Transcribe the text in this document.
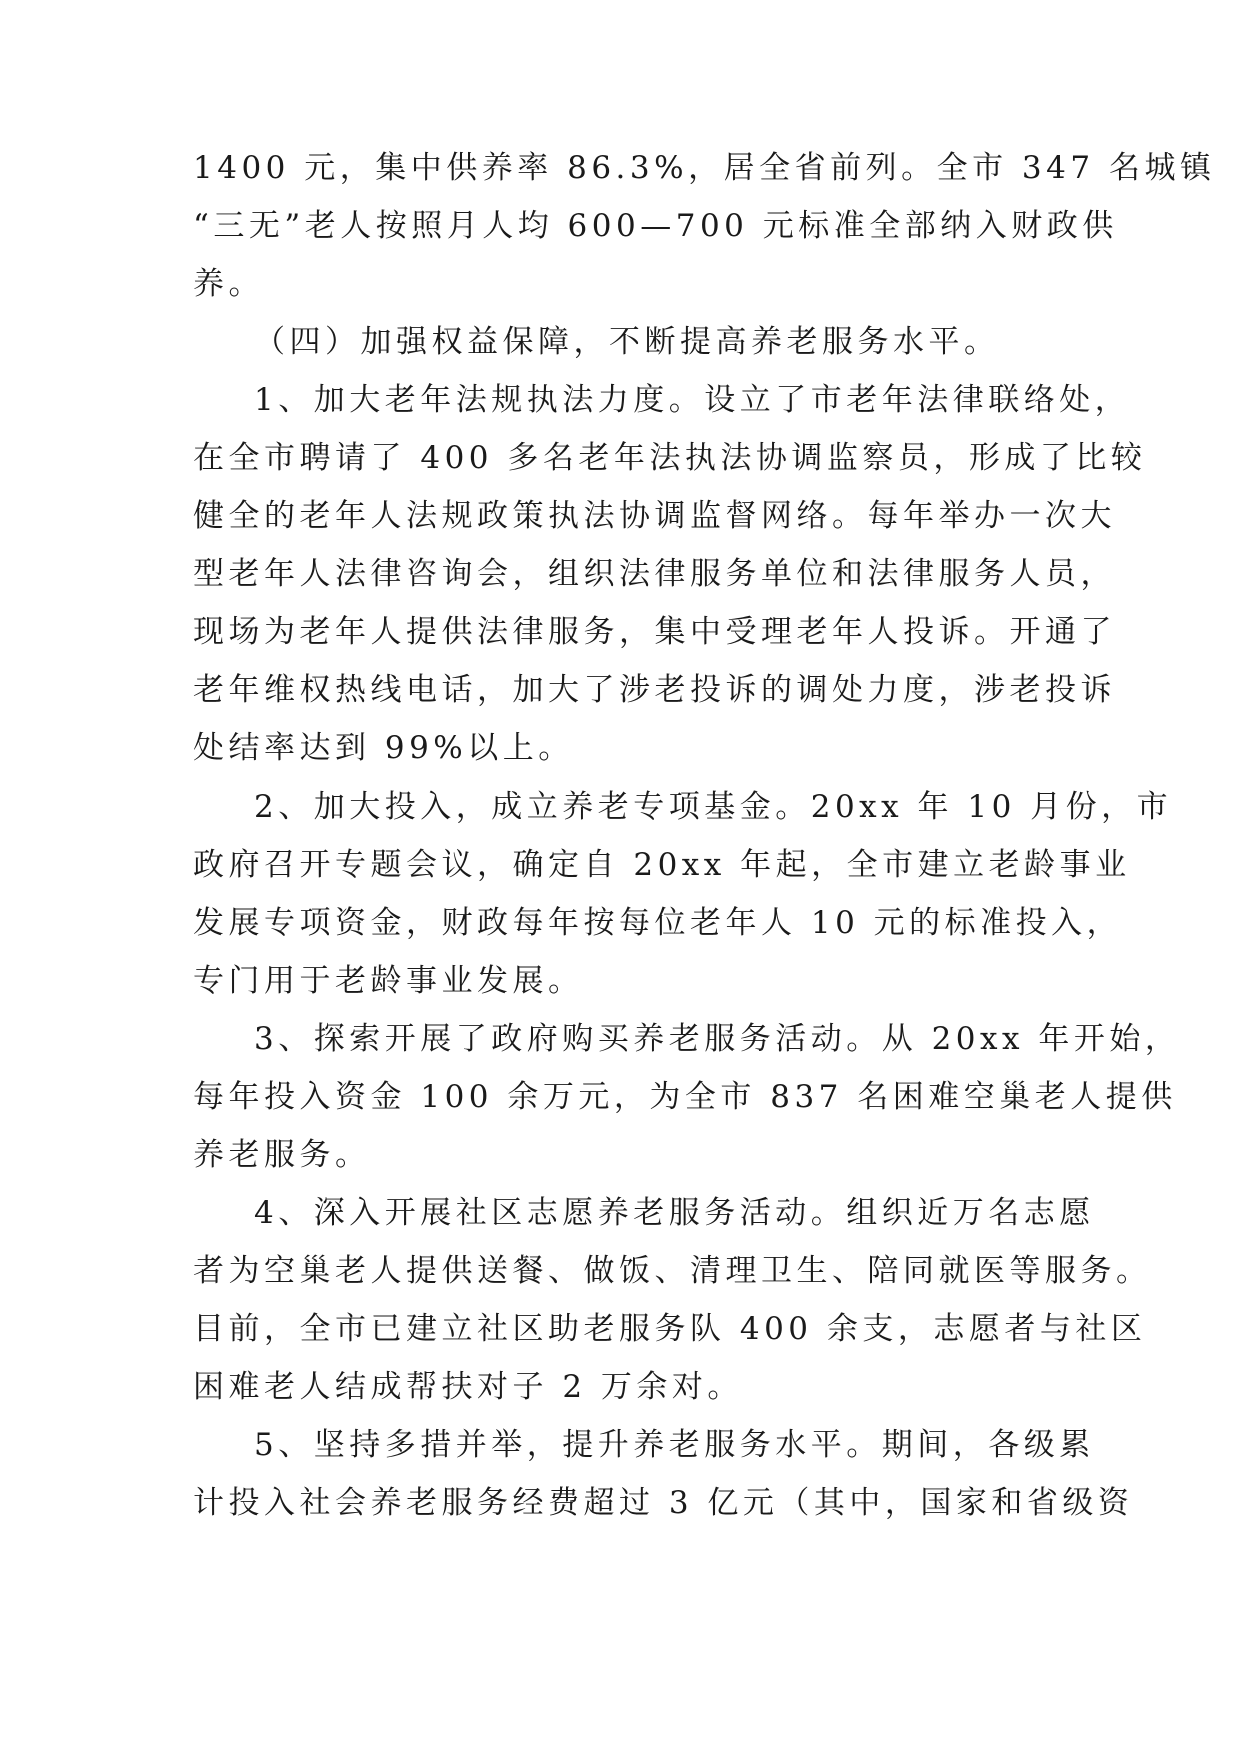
1400 元，集中供养率 86.3%，居全省前列。全市 347 名城镇
“三无”老人按照月人均 600—700 元标准全部纳入财政供
养。
（四）加强权益保障，不断提高养老服务水平。
1、加大老年法规执法力度。设立了市老年法律联络处，
在全市聘请了 400 多名老年法执法协调监察员，形成了比较
健全的老年人法规政策执法协调监督网络。每年举办一次大
型老年人法律咨询会，组织法律服务单位和法律服务人员，
现场为老年人提供法律服务，集中受理老年人投诉。开通了
老年维权热线电话，加大了涉老投诉的调处力度，涉老投诉
处结率达到 99%以上。
2、加大投入，成立养老专项基金。20xx 年 10 月份，市
政府召开专题会议，确定自 20xx 年起，全市建立老龄事业
发展专项资金，财政每年按每位老年人 10 元的标准投入，
专门用于老龄事业发展。
3、探索开展了政府购买养老服务活动。从 20xx 年开始，
每年投入资金 100 余万元，为全市 837 名困难空巢老人提供
养老服务。
4、深入开展社区志愿养老服务活动。组织近万名志愿
者为空巢老人提供送餐、做饭、清理卫生、陪同就医等服务。
目前，全市已建立社区助老服务队 400 余支，志愿者与社区
困难老人结成帮扶对子 2 万余对。
5、坚持多措并举，提升养老服务水平。期间，各级累
计投入社会养老服务经费超过 3 亿元（其中，国家和省级资
